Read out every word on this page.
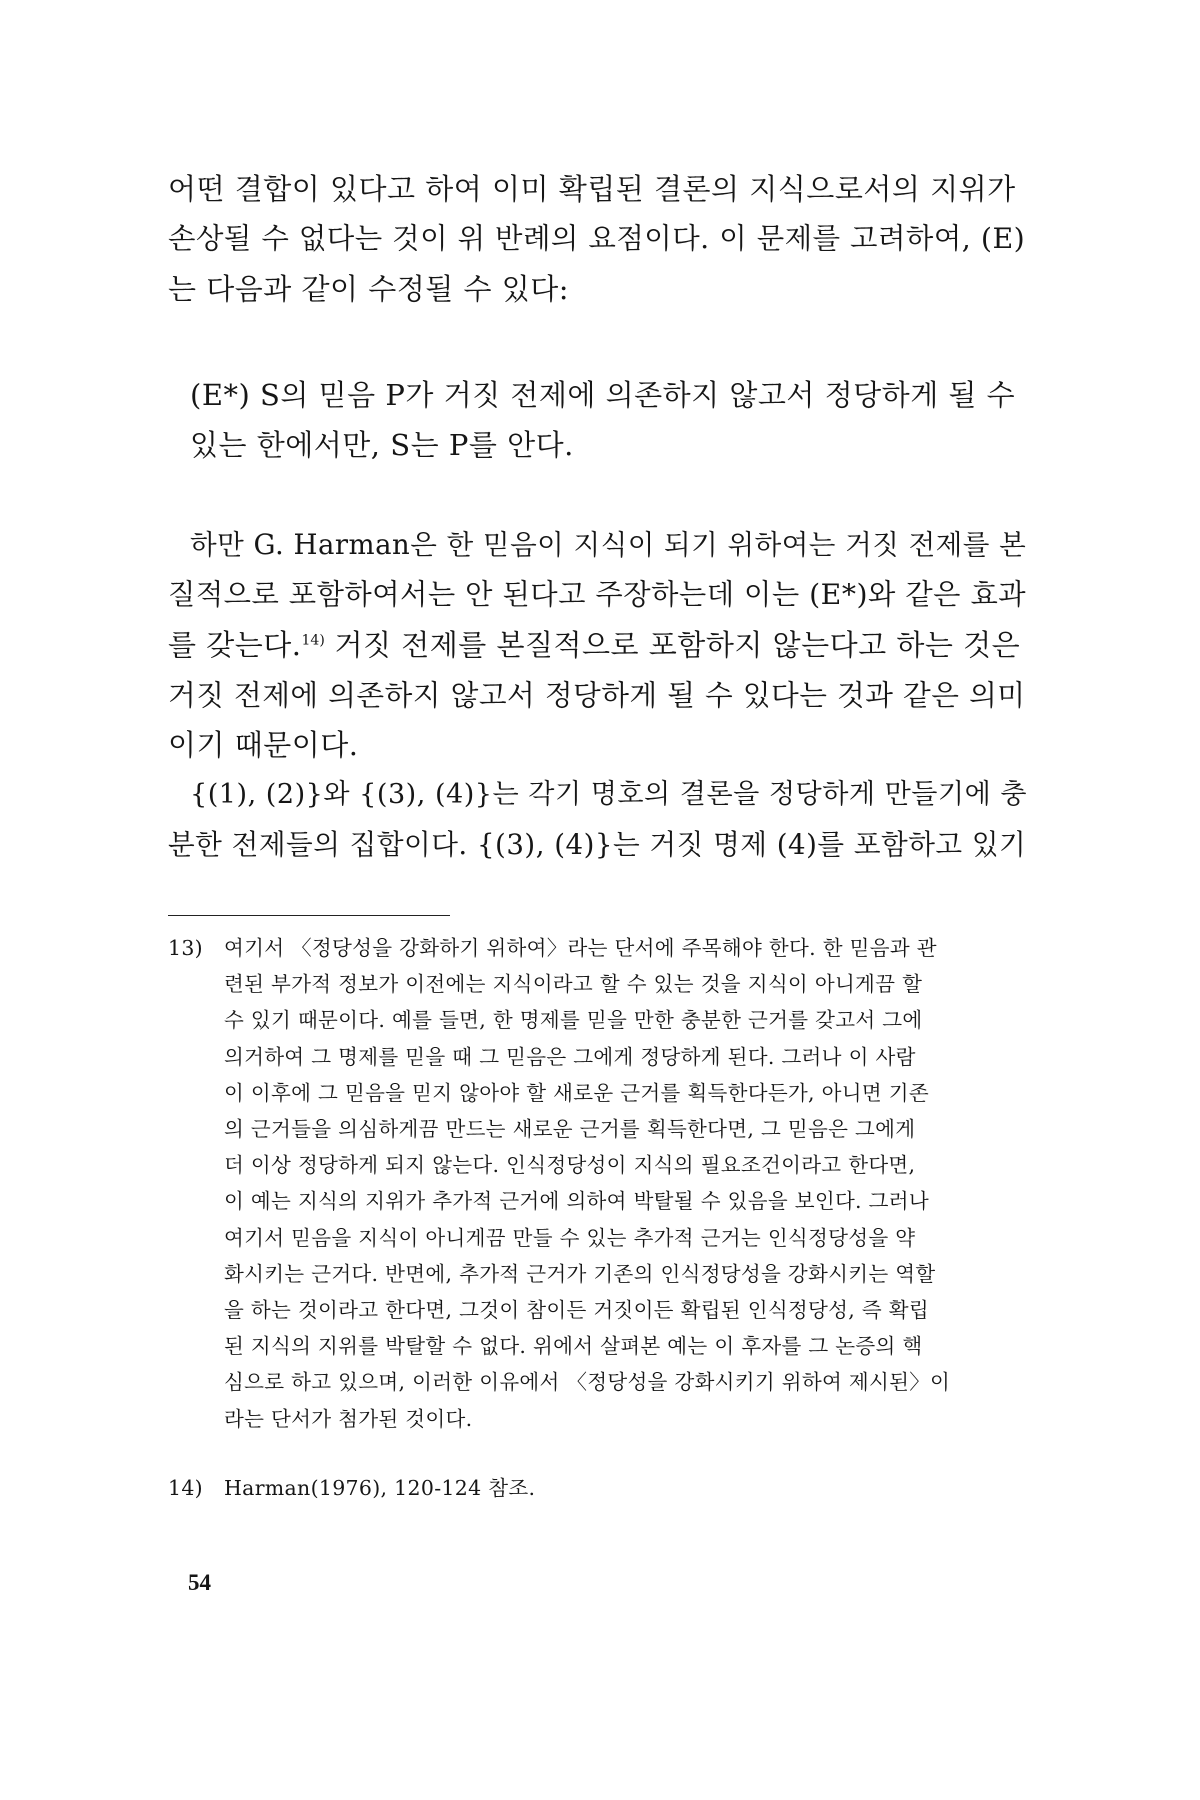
어떤 결합이 있다고 하여 이미 확립된 결론의 지식으로서의 지위가
손상될 수 없다는 것이 위 반례의 요점이다. 이 문제를 고려하여, (E)
는 다음과 같이 수정될 수 있다:
(E*) S의 믿음 P가 거짓 전제에 의존하지 않고서 정당하게 될 수
있는 한에서만, S는 P를 안다.
하만 G. Harman은 한 믿음이 지식이 되기 위하여는 거짓 전제를 본
질적으로 포함하여서는 안 된다고 주장하는데 이는 (E*)와 같은 효과
를 갖는다.$^{14)}$ 거짓 전제를 본질적으로 포함하지 않는다고 하는 것은
거짓 전제에 의존하지 않고서 정당하게 될 수 있다는 것과 같은 의미
이기 때문이다.
{(1), (2)}와 {(3), (4)}는 각기 명호의 결론을 정당하게 만들기에 충
분한 전제들의 집합이다. {(3), (4)}는 거짓 명제 (4)를 포함하고 있기
13) 여기서 〈정당성을 강화하기 위하여〉라는 단서에 주목해야 한다. 한 믿음과 관
련된 부가적 정보가 이전에는 지식이라고 할 수 있는 것을 지식이 아니게끔 할
수 있기 때문이다. 예를 들면, 한 명제를 믿을 만한 충분한 근거를 갖고서 그에
의거하여 그 명제를 믿을 때 그 믿음은 그에게 정당하게 된다. 그러나 이 사람
이 이후에 그 믿음을 믿지 않아야 할 새로운 근거를 획득한다든가, 아니면 기존
의 근거들을 의심하게끔 만드는 새로운 근거를 획득한다면, 그 믿음은 그에게
더 이상 정당하게 되지 않는다. 인식정당성이 지식의 필요조건이라고 한다면,
이 예는 지식의 지위가 추가적 근거에 의하여 박탈될 수 있음을 보인다. 그러나
여기서 믿음을 지식이 아니게끔 만들 수 있는 추가적 근거는 인식정당성을 약
화시키는 근거다. 반면에, 추가적 근거가 기존의 인식정당성을 강화시키는 역할
을 하는 것이라고 한다면, 그것이 참이든 거짓이든 확립된 인식정당성, 즉 확립
된 지식의 지위를 박탈할 수 없다. 위에서 살펴본 예는 이 후자를 그 논증의 핵
심으로 하고 있으며, 이러한 이유에서 〈정당성을 강화시키기 위하여 제시된〉이
라는 단서가 첨가된 것이다.
14) Harman(1976), 120-124 참조.
54
